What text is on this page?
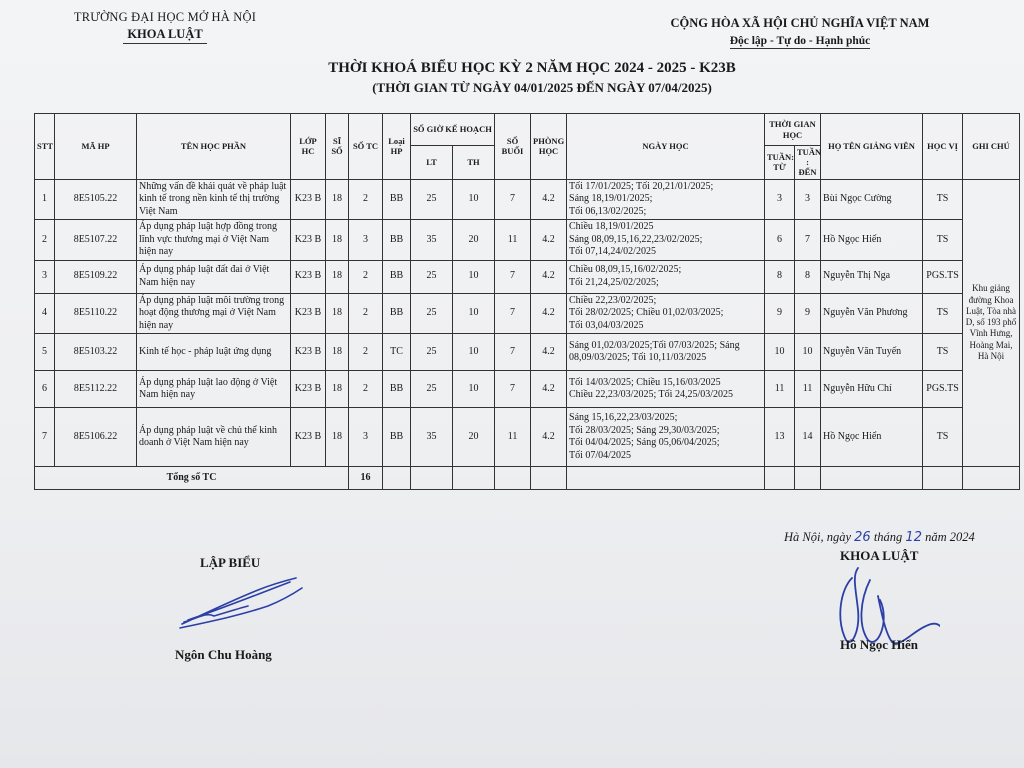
TRƯỜNG ĐẠI HỌC MỞ HÀ NỘI
KHOA LUẬT
CỘNG HÒA XÃ HỘI CHỦ NGHĨA VIỆT NAM
Độc lập - Tự do - Hạnh phúc
THỜI KHOÁ BIỂU HỌC KỲ 2 NĂM HỌC 2024 - 2025 - K23B
(THỜI GIAN TỪ NGÀY 04/01/2025 ĐẾN NGÀY 07/04/2025)
STT	MÃ HP	TÊN HỌC PHẦN	LỚP HC	SĨ SỐ	SỐ TC	Loại HP	SỐ GIỜ KẾ HOẠCH		SỐ BUỔI	PHÒNG HỌC	NGÀY HỌC	THỜI GIAN HỌC		HỌ TÊN GIẢNG VIÊN	HỌC VỊ	GHI CHÚ
							LT	TH				TUẦN: TỪ	TUẦN : ĐẾN			
1	8E5105.22	Những vấn đề khái quát về pháp luật kinh tế trong nền kinh tế thị trường Việt Nam	K23 B	18	2	BB	25	10	7	4.2	Tối 17/01/2025; Tối 20,21/01/2025;
Sáng 18,19/01/2025;
Tối 06,13/02/2025;	3	3	Bùi Ngọc Cường	TS	Khu giảng đường Khoa Luật, Tòa nhà D, số 193 phố Vĩnh Hưng, Hoàng Mai, Hà Nội
2	8E5107.22	Áp dụng pháp luật hợp đồng trong lĩnh vực thương mại ở Việt Nam hiện nay	K23 B	18	3	BB	35	20	11	4.2	Chiều 18,19/01/2025
Sáng 08,09,15,16,22,23/02/2025;
Tối 07,14,24/02/2025	6	7	Hồ Ngọc Hiển	TS	
3	8E5109.22	Áp dụng pháp luật đất đai ở Việt Nam hiện nay	K23 B	18	2	BB	25	10	7	4.2	Chiều 08,09,15,16/02/2025;
Tối 21,24,25/02/2025;	8	8	Nguyễn Thị Nga	PGS.TS	
4	8E5110.22	Áp dụng pháp luật môi trường trong hoạt động thương mại ở Việt Nam hiện nay	K23 B	18	2	BB	25	10	7	4.2	Chiều 22,23/02/2025;
Tối 28/02/2025; Chiều 01,02/03/2025;
Tối 03,04/03/2025	9	9	Nguyễn Văn Phương	TS	
5	8E5103.22	Kinh tế học - pháp luật ứng dụng	K23 B	18	2	TC	25	10	7	4.2	Sáng 01,02/03/2025;Tối 07/03/2025; Sáng
08,09/03/2025; Tối 10,11/03/2025	10	10	Nguyễn Văn Tuyến	TS	
6	8E5112.22	Áp dụng pháp luật lao động ở Việt Nam hiện nay	K23 B	18	2	BB	25	10	7	4.2	Tối 14/03/2025; Chiều 15,16/03/2025
Chiều 22,23/03/2025; Tối 24,25/03/2025	11	11	Nguyễn Hữu Chí	PGS.TS	
7	8E5106.22	Áp dụng pháp luật về chủ thể kinh doanh ở Việt Nam hiện nay	K23 B	18	3	BB	35	20	11	4.2	Sáng 15,16,22,23/03/2025;
Tối 28/03/2025; Sáng 29,30/03/2025;
Tối 04/04/2025; Sáng 05,06/04/2025;
Tối 07/04/2025	13	14	Hồ Ngọc Hiển	TS	
Tổng số TC					16											
Hà Nội, ngày 26 tháng 12 năm 2024
KHOA LUẬT
LẬP BIỂU
Ngôn Chu Hoàng
Hồ Ngọc Hiển
